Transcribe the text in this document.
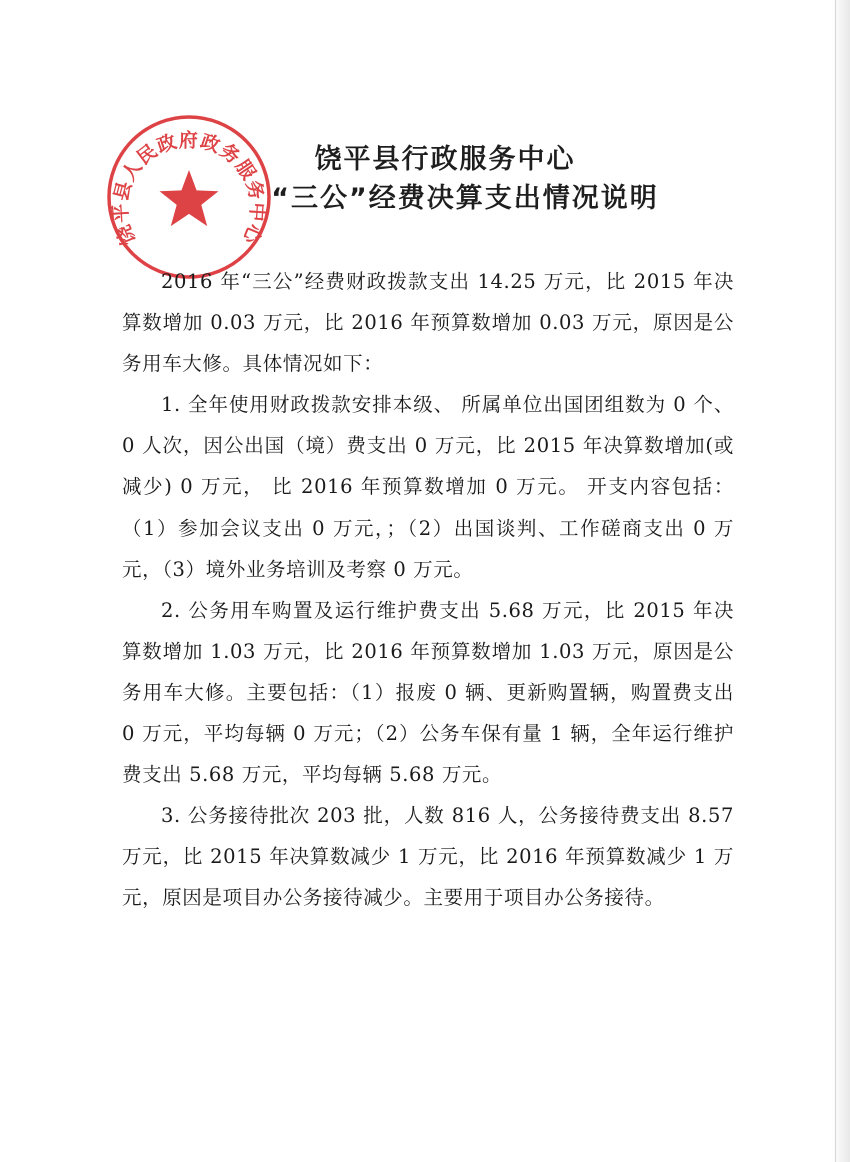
饶平县人民政府政务服务中心
饶平县行政服务中心
“三公”经费决算支出情况说明

2016 年“三公”经费财政拨款支出 14.25 万元，比 2015 年决算数增加 0.03 万元，比 2016 年预算数增加 0.03 万元，原因是公务用车大修。具体情况如下：

1. 全年使用财政拨款安排本级、 所属单位出国团组数为 0 个、 0 人次，因公出国（境）费支出 0 万元，比 2015 年决算数增加(或减少) 0 万元， 比 2016 年预算数增加 0 万元。 开支内容包括：（1）参加会议支出 0 万元，；（2）出国谈判、工作磋商支出 0 万元，（3）境外业务培训及考察 0 万元。

2. 公务用车购置及运行维护费支出 5.68 万元，比 2015 年决算数增加 1.03 万元，比 2016 年预算数增加 1.03 万元，原因是公务用车大修。主要包括：（1）报废 0 辆、更新购置辆，购置费支出 0 万元，平均每辆 0 万元；（2）公务车保有量 1 辆，全年运行维护费支出 5.68 万元，平均每辆 5.68 万元。

3. 公务接待批次 203 批，人数 816 人，公务接待费支出 8.57 万元，比 2015 年决算数减少 1 万元，比 2016 年预算数减少 1 万元，原因是项目办公务接待减少。主要用于项目办公务接待。
